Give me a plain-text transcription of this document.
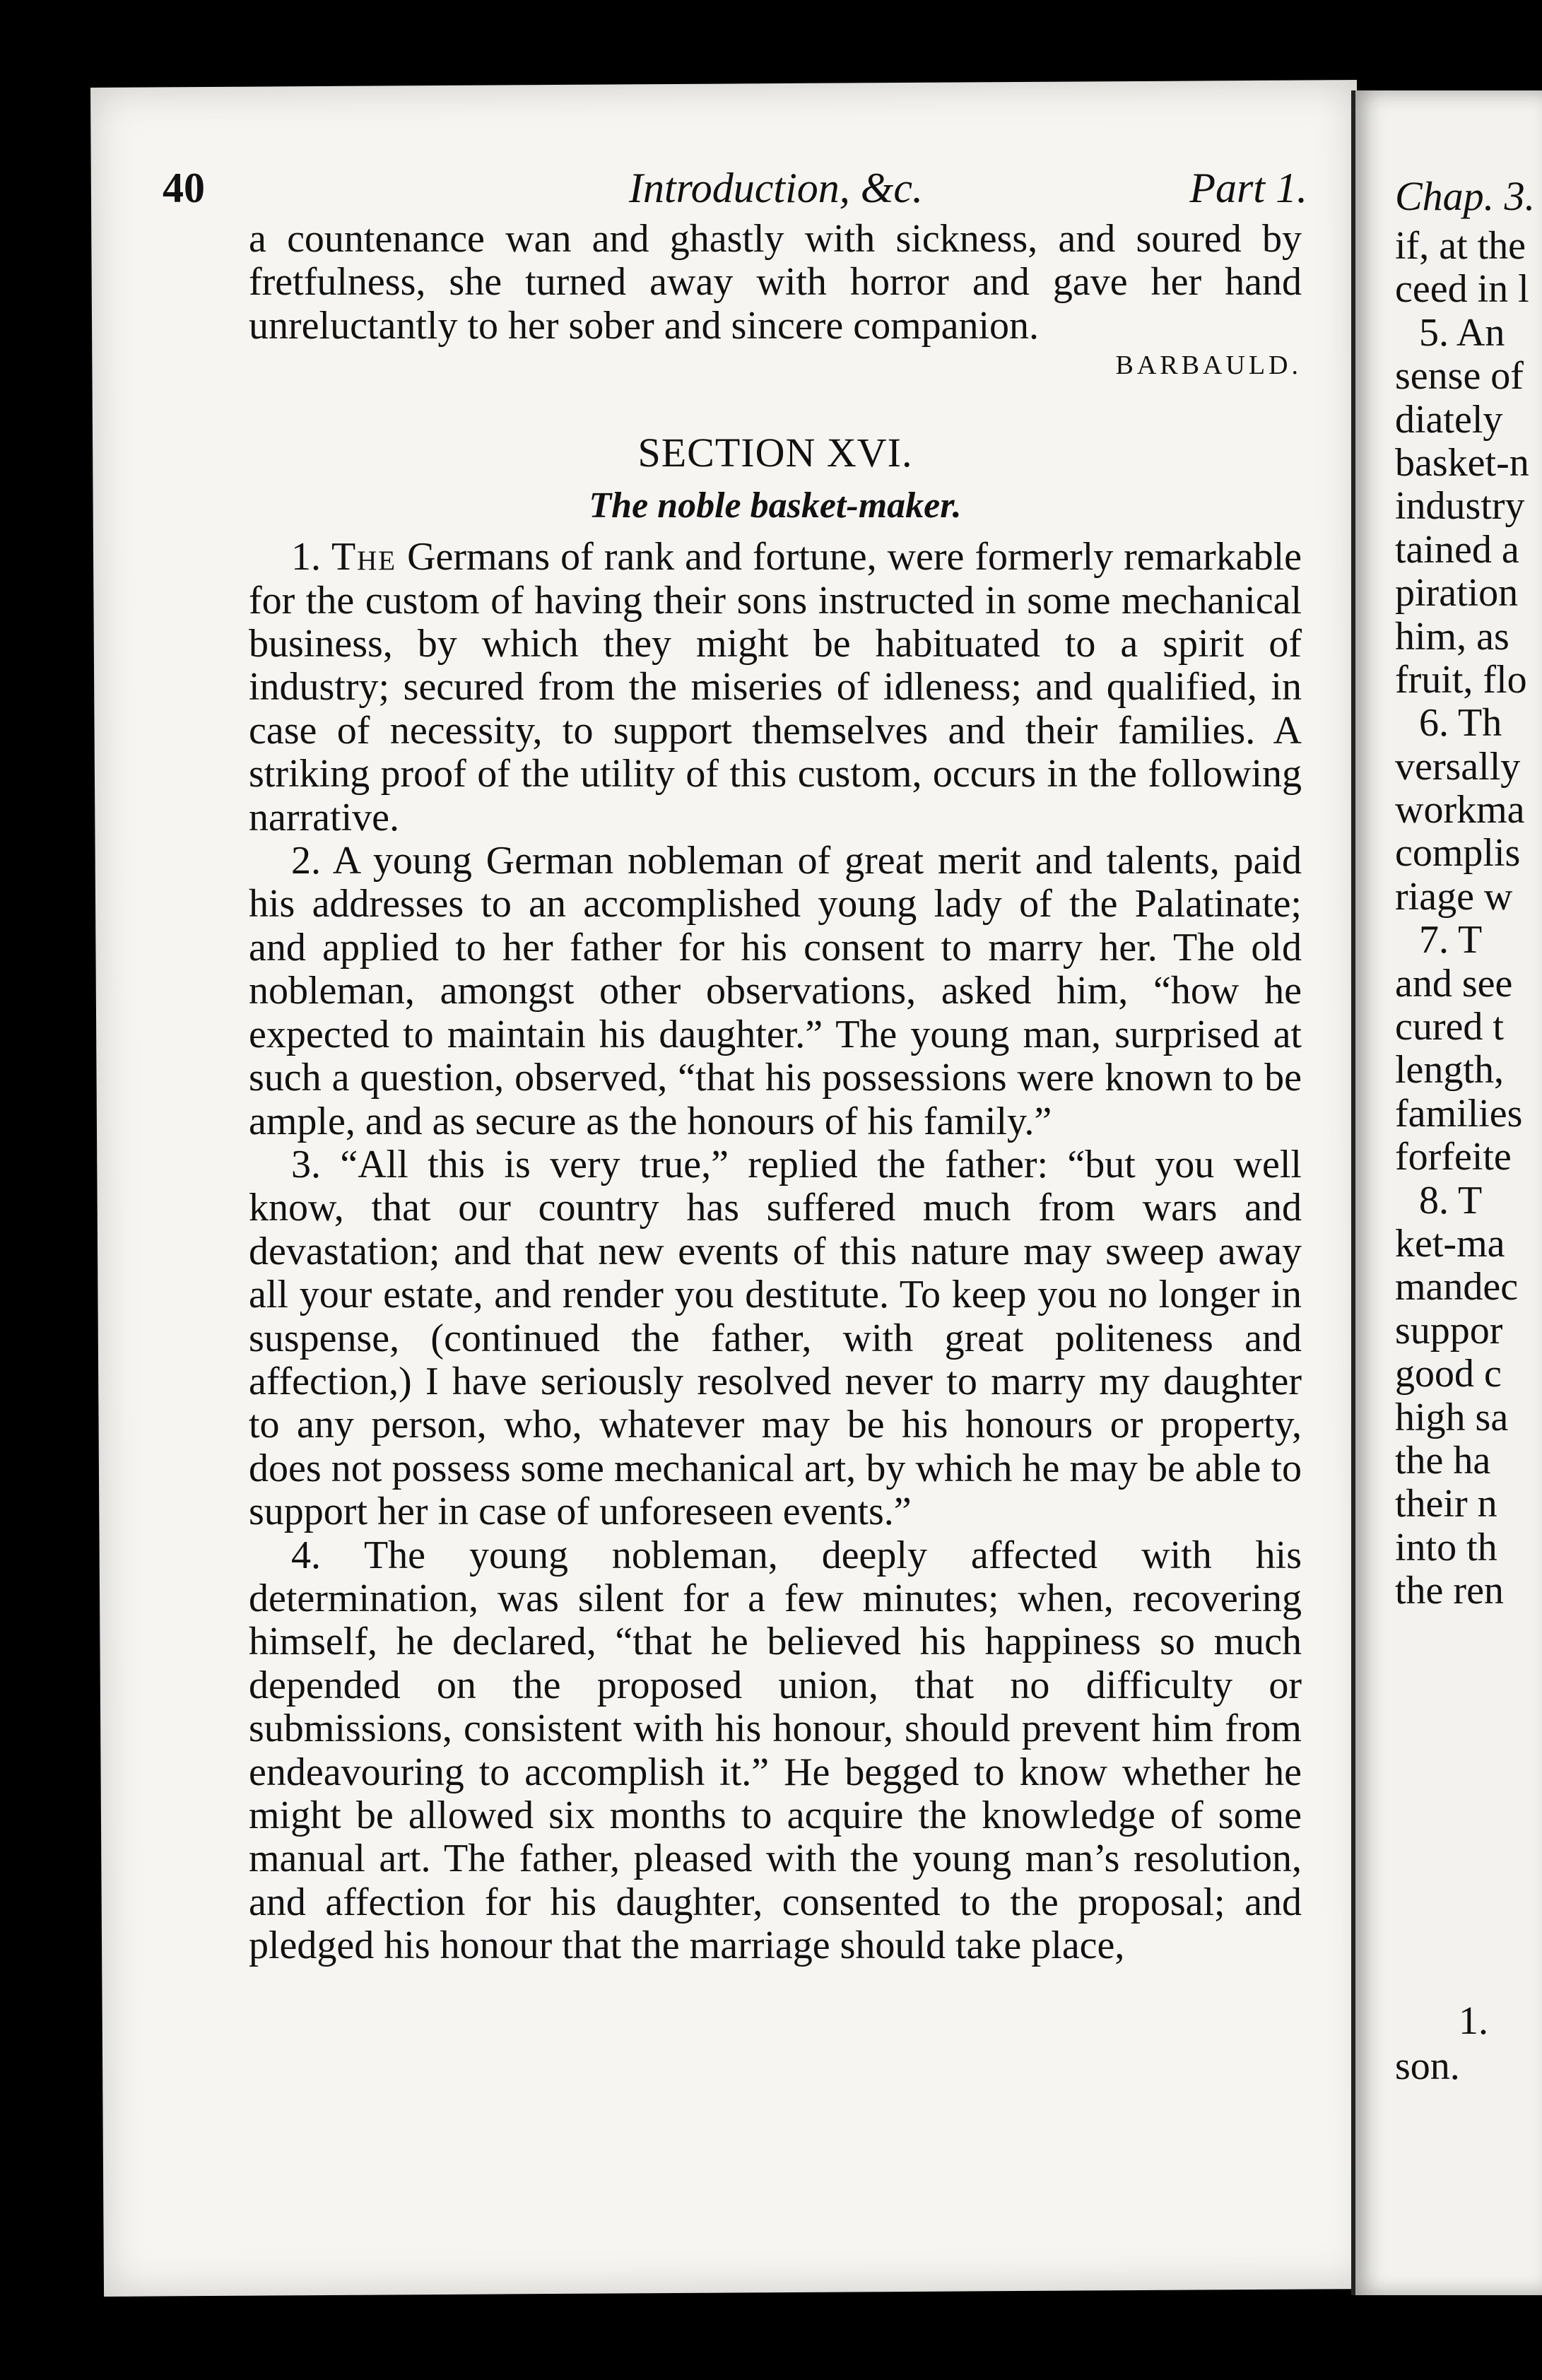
Chap. 3.
if, at the
ceed in l
5. An
sense of
diately
basket-n
industry
tained a
piration
him, as
fruit, flo
6. Th
versally
workma
complis
riage w
7. T
and see
cured t
length,
families
forfeite
8. T
ket-ma
mandec
suppor
good c
high sa
the ha
their n
into th
the ren
1.
son.
40	Introduction, &c.	Part 1.

a countenance wan and ghastly with sickness, and soured by fretfulness, she turned away with horror and gave her hand unreluctantly to her sober and sincere companion.

BARBAULD.

SECTION XVI.
The noble basket-maker.

1. The Germans of rank and fortune, were formerly remarkable for the custom of having their sons instructed in some mechanical business, by which they might be habituated to a spirit of industry; secured from the miseries of idleness; and qualified, in case of necessity, to support themselves and their families. A striking proof of the utility of this custom, occurs in the following narrative.

2. A young German nobleman of great merit and talents, paid his addresses to an accomplished young lady of the Palatinate; and applied to her father for his consent to marry her. The old nobleman, amongst other observations, asked him, “how he expected to maintain his daughter.” The young man, surprised at such a question, observed, “that his possessions were known to be ample, and as secure as the honours of his family.”

3. “All this is very true,” replied the father: “but you well know, that our country has suffered much from wars and devastation; and that new events of this nature may sweep away all your estate, and render you destitute. To keep you no longer in suspense, (continued the father, with great politeness and affection,) I have seriously resolved never to marry my daughter to any person, who, whatever may be his honours or property, does not possess some mechanical art, by which he may be able to support her in case of unforeseen events.”

4. The young nobleman, deeply affected with his determination, was silent for a few minutes; when, recovering himself, he declared, “that he believed his happiness so much depended on the proposed union, that no difficulty or submissions, consistent with his honour, should prevent him from endeavouring to accomplish it.” He begged to know whether he might be allowed six months to acquire the knowledge of some manual art. The father, pleased with the young man’s resolution, and affection for his daughter, consented to the proposal; and pledged his honour that the marriage should take place,
